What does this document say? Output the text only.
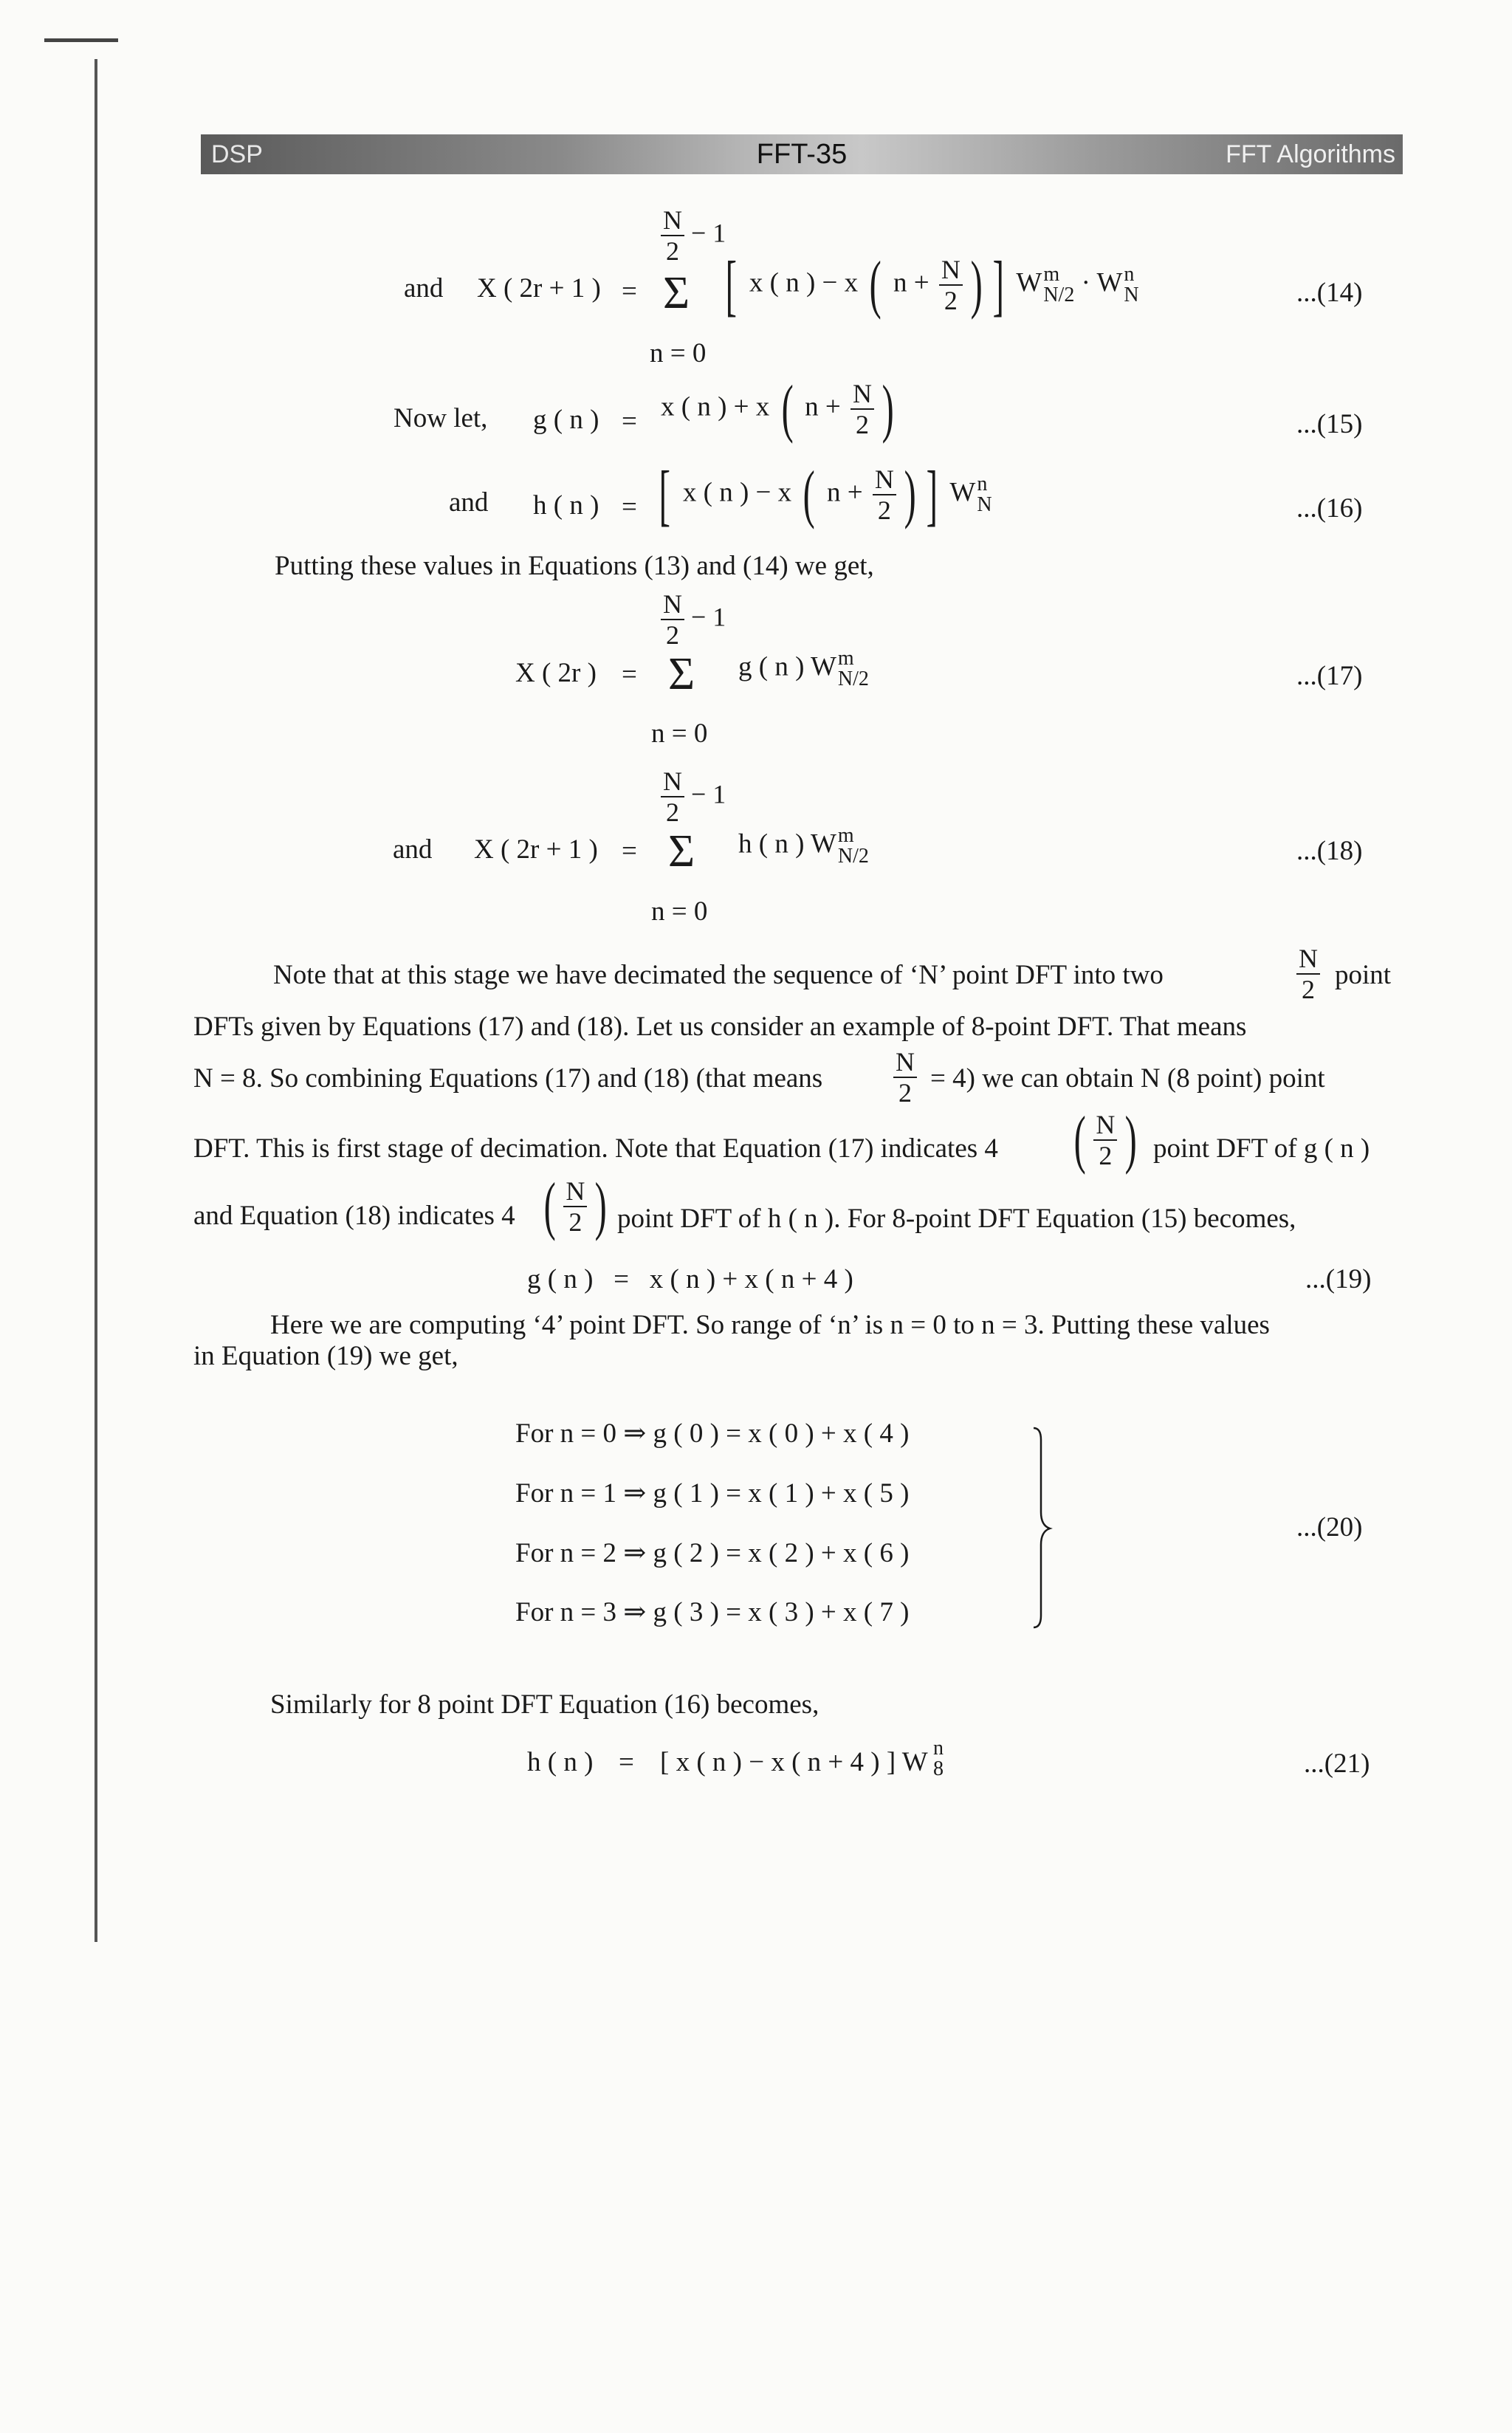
DSP	FFT-35	FFT Algorithms
and X ( 2r + 1 ) =
$\frac{N}{2} - 1$
Σ
n = 0
[ x ( n ) − x ( $n + \frac{N}{2}$ ) ] W m
N/2 · W n
N	...(14)
Now let, g ( n ) = x ( n ) + x ( $n + \frac{N}{2}$ )	...(15)
and h ( n ) = [ x ( n ) − x ( $n + \frac{N}{2}$ ) ] W n
N	...(16)
Putting these values in Equations (13) and (14) we get,
$\frac{N}{2} - 1$
X ( 2r ) = Σ g ( n ) W m
N/2
n = 0
...(17)
$\frac{N}{2} - 1$
and X ( 2r + 1 ) = Σ h ( n ) W m
N/2
n = 0
...(18)
Note that at this stage we have decimated the sequence of ‘N’ point DFT into two	$\frac{N}{2}$ point
DFTs given by Equations (17) and (18). Let us consider an example of 8-point DFT. That means
N = 8. So combining Equations (17) and (18) (that means	$\frac{N}{2} = 4$) we can obtain N (8 point) point
DFT. This is first stage of decimation. Note that Equation (17) indicates 4 ( $\frac{N}{2}$ ) point DFT of g ( n )
and Equation (18) indicates 4 ( $\frac{N}{2}$ ) point DFT of h ( n ). For 8-point DFT Equation (15) becomes,
g ( n )   =   x ( n ) + x ( n + 4 )	...(19)
Here we are computing ‘4’ point DFT. So range of ‘n’ is n = 0 to n = 3. Putting these values
in Equation (19) we get,
For n = 0 ⇒ g ( 0 ) = x ( 0 ) + x ( 4 )
For n = 1 ⇒ g ( 1 ) = x ( 1 ) + x ( 5 )
For n = 2 ⇒ g ( 2 ) = x ( 2 ) + x ( 6 )
For n = 3 ⇒ g ( 3 ) = x ( 3 ) + x ( 7 )
...(20)
Similarly for 8 point DFT Equation (16) becomes,
h ( n ) = [ x ( n ) − x ( n + 4 ) ] W n
8	...(21)
